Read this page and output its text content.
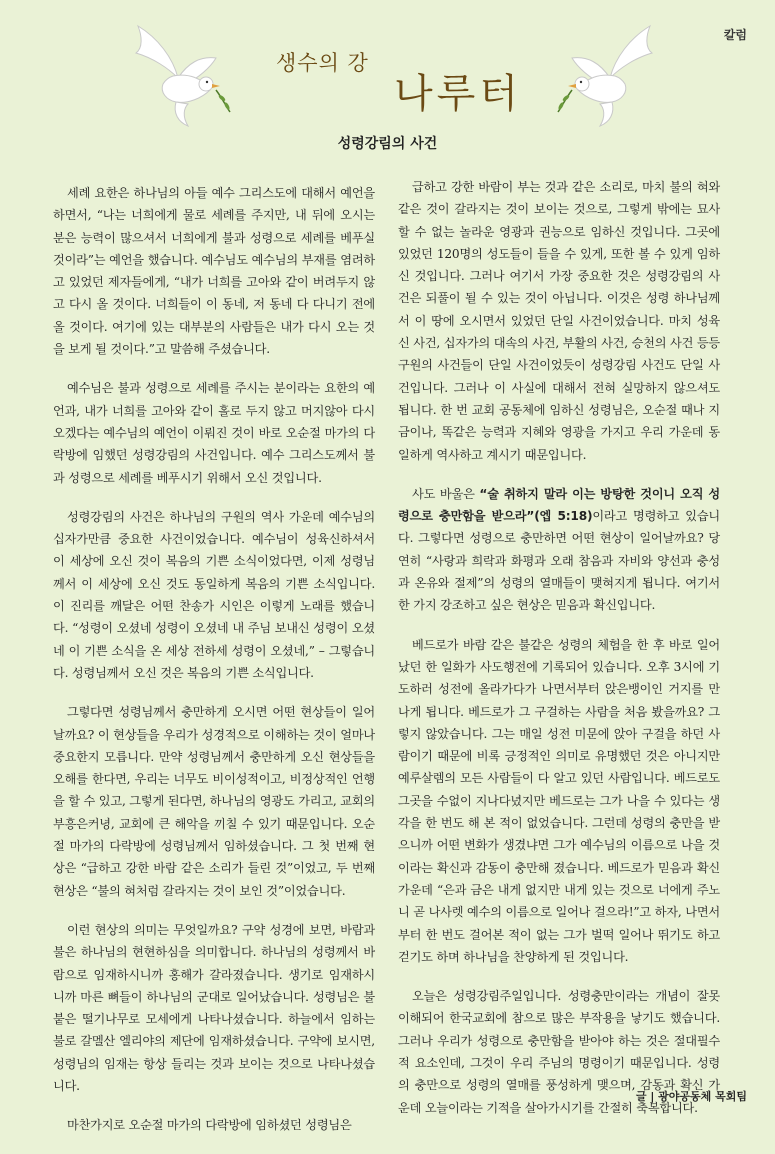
칼럼
생수의 강
나루터
성령강림의 사건

세례 요한은 하나님의 아들 예수 그리스도에 대해서 예언을 하면서, “나는 너희에게 물로 세례를 주지만, 내 뒤에 오시는 분은 능력이 많으셔서 너희에게 불과 성령으로 세례를 베푸실 것이라”는 예언을 했습니다. 예수님도 예수님의 부재를 염려하고 있었던 제자들에게, “내가 너희를 고아와 같이 버려두지 않고 다시 올 것이다. 너희들이 이 동네, 저 동네 다 다니기 전에 올 것이다. 여기에 있는 대부분의 사람들은 내가 다시 오는 것을 보게 될 것이다.”고 말씀해 주셨습니다.

예수님은 불과 성령으로 세례를 주시는 분이라는 요한의 예언과, 내가 너희를 고아와 같이 홀로 두지 않고 머지않아 다시 오겠다는 예수님의 예언이 이뤄진 것이 바로 오순절 마가의 다락방에 임했던 성령강림의 사건입니다. 예수 그리스도께서 불과 성령으로 세례를 베푸시기 위해서 오신 것입니다.

성령강림의 사건은 하나님의 구원의 역사 가운데 예수님의 십자가만큼 중요한 사건이었습니다. 예수님이 성육신하셔서 이 세상에 오신 것이 복음의 기쁜 소식이었다면, 이제 성령님께서 이 세상에 오신 것도 동일하게 복음의 기쁜 소식입니다. 이 진리를 깨달은 어떤 찬송가 시인은 이렇게 노래를 했습니다. “성령이 오셨네 성령이 오셨네 내 주님 보내신 성령이 오셨네 이 기쁜 소식을 온 세상 전하세 성령이 오셨네,” – 그렇습니다. 성령님께서 오신 것은 복음의 기쁜 소식입니다.

그렇다면 성령님께서 충만하게 오시면 어떤 현상들이 일어날까요? 이 현상들을 우리가 성경적으로 이해하는 것이 얼마나 중요한지 모릅니다. 만약 성령님께서 충만하게 오신 현상들을 오해를 한다면, 우리는 너무도 비이성적이고, 비정상적인 언행을 할 수 있고, 그렇게 된다면, 하나님의 영광도 가리고, 교회의 부흥은커녕, 교회에 큰 해악을 끼칠 수 있기 때문입니다. 오순절 마가의 다락방에 성령님께서 임하셨습니다. 그 첫 번째 현상은 “급하고 강한 바람 같은 소리가 들린 것”이었고, 두 번째 현상은 “불의 혀처럼 갈라지는 것이 보인 것”이었습니다.

이런 현상의 의미는 무엇일까요? 구약 성경에 보면, 바람과 불은 하나님의 현현하심을 의미합니다. 하나님의 성령께서 바람으로 임재하시니까 홍해가 갈라졌습니다. 생기로 임재하시니까 마른 뼈들이 하나님의 군대로 일어났습니다. 성령님은 불붙은 떨기나무로 모세에게 나타나셨습니다. 하늘에서 임하는 불로 갈멜산 엘리야의 제단에 임재하셨습니다. 구약에 보시면, 성령님의 임재는 항상 들리는 것과 보이는 것으로 나타나셨습니다.

마찬가지로 오순절 마가의 다락방에 임하셨던 성령님은

급하고 강한 바람이 부는 것과 같은 소리로, 마치 불의 혀와 같은 것이 갈라지는 것이 보이는 것으로, 그렇게 밖에는 묘사할 수 없는 놀라운 영광과 권능으로 임하신 것입니다. 그곳에 있었던 120명의 성도들이 들을 수 있게, 또한 볼 수 있게 임하신 것입니다. 그러나 여기서 가장 중요한 것은 성령강림의 사건은 되풀이 될 수 있는 것이 아닙니다. 이것은 성령 하나님께서 이 땅에 오시면서 있었던 단일 사건이었습니다. 마치 성육신 사건, 십자가의 대속의 사건, 부활의 사건, 승천의 사건 등등 구원의 사건들이 단일 사건이었듯이 성령강림 사건도 단일 사건입니다. 그러나 이 사실에 대해서 전혀 실망하지 않으셔도 됩니다. 한 번 교회 공동체에 임하신 성령님은, 오순절 때나 지금이나, 똑같은 능력과 지혜와 영광을 가지고 우리 가운데 동일하게 역사하고 계시기 때문입니다.

사도 바울은 “술 취하지 말라 이는 방탕한 것이니 오직 성령으로 충만함을 받으라”(엡 5:18)이라고 명령하고 있습니다. 그렇다면 성령으로 충만하면 어떤 현상이 일어날까요? 당연히 “사랑과 희락과 화평과 오래 참음과 자비와 양선과 충성과 온유와 절제”의 성령의 열매들이 맺혀지게 됩니다. 여기서 한 가지 강조하고 싶은 현상은 믿음과 확신입니다.

베드로가 바람 같은 불같은 성령의 체험을 한 후 바로 일어났던 한 일화가 사도행전에 기록되어 있습니다. 오후 3시에 기도하러 성전에 올라가다가 나면서부터 앉은뱅이인 거지를 만나게 됩니다. 베드로가 그 구걸하는 사람을 처음 봤을까요? 그렇지 않았습니다. 그는 매일 성전 미문에 앉아 구걸을 하던 사람이기 때문에 비록 긍정적인 의미로 유명했던 것은 아니지만 예루살렘의 모든 사람들이 다 알고 있던 사람입니다. 베드로도 그곳을 수없이 지나다녔지만 베드로는 그가 나을 수 있다는 생각을 한 번도 해 본 적이 없었습니다. 그런데 성령의 충만을 받으니까 어떤 변화가 생겼냐면 그가 예수님의 이름으로 나을 것이라는 확신과 감동이 충만해 졌습니다. 베드로가 믿음과 확신 가운데 “은과 금은 내게 없지만 내게 있는 것으로 너에게 주노니 곧 나사렛 예수의 이름으로 일어나 걸으라!”고 하자, 나면서부터 한 번도 걸어본 적이 없는 그가 벌떡 일어나 뛰기도 하고 걷기도 하며 하나님을 찬양하게 된 것입니다.

오늘은 성령강림주일입니다. 성령충만이라는 개념이 잘못 이해되어 한국교회에 참으로 많은 부작용을 낳기도 했습니다. 그러나 우리가 성령으로 충만함을 받아야 하는 것은 절대필수적 요소인데, 그것이 우리 주님의 명령이기 때문입니다. 성령의 충만으로 성령의 열매를 풍성하게 맺으며, 감동과 확신 가운데 오늘이라는 기적을 살아가시기를 간절히 축복합니다.

글 | 광야공동체 목회팀
